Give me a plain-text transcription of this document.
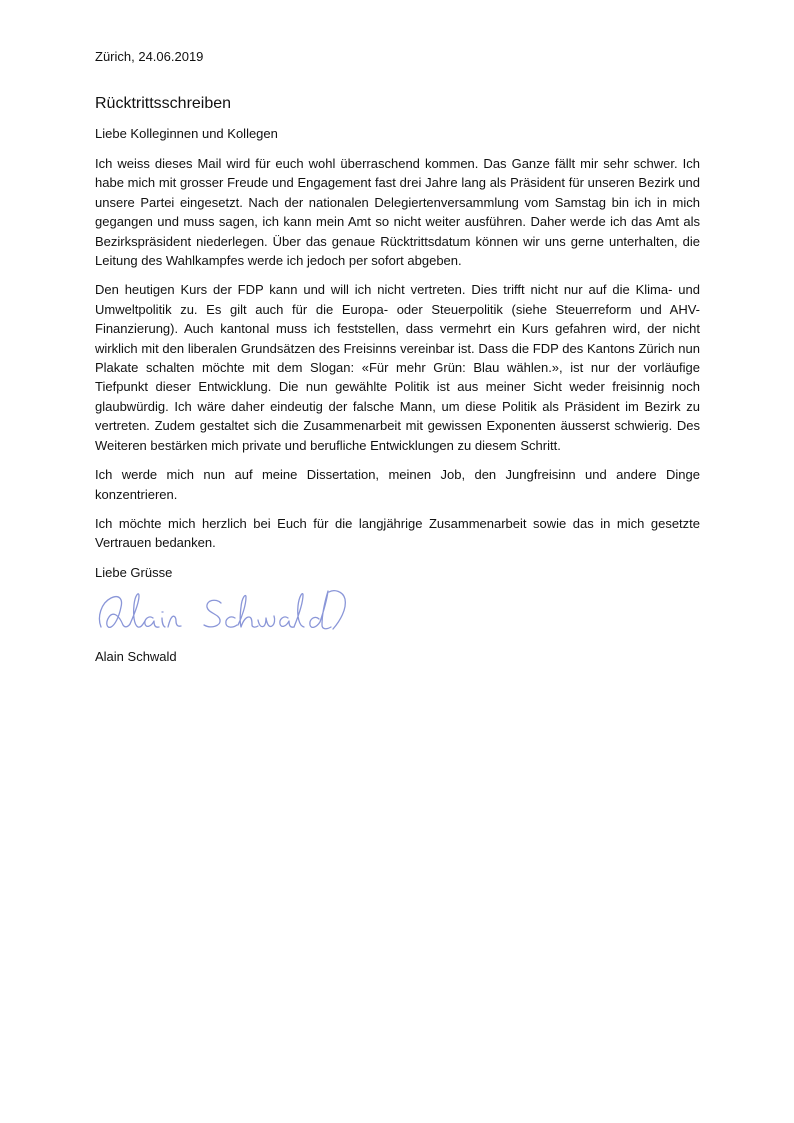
Zürich, 24.06.2019

Rücktrittsschreiben

Liebe Kolleginnen und Kollegen

Ich weiss dieses Mail wird für euch wohl überraschend kommen. Das Ganze fällt mir sehr schwer. Ich habe mich mit grosser Freude und Engagement fast drei Jahre lang als Präsident für unseren Bezirk und unsere Partei eingesetzt. Nach der nationalen Delegiertenversammlung vom Samstag bin ich in mich gegangen und muss sagen, ich kann mein Amt so nicht weiter ausführen. Daher werde ich das Amt als Bezirkspräsident niederlegen. Über das genaue Rücktrittsdatum können wir uns gerne unterhalten, die Leitung des Wahlkampfes werde ich jedoch per sofort abgeben.

Den heutigen Kurs der FDP kann und will ich nicht vertreten. Dies trifft nicht nur auf die Klima- und Umweltpolitik zu. Es gilt auch für die Europa- oder Steuerpolitik (siehe Steuerreform und AHV-Finanzierung). Auch kantonal muss ich feststellen, dass vermehrt ein Kurs gefahren wird, der nicht wirklich mit den liberalen Grundsätzen des Freisinns vereinbar ist. Dass die FDP des Kantons Zürich nun Plakate schalten möchte mit dem Slogan: «Für mehr Grün: Blau wählen.», ist nur der vorläufige Tiefpunkt dieser Entwicklung. Die nun gewählte Politik ist aus meiner Sicht weder freisinnig noch glaubwürdig. Ich wäre daher eindeutig der falsche Mann, um diese Politik als Präsident im Bezirk zu vertreten. Zudem gestaltet sich die Zusammenarbeit mit gewissen Exponenten äusserst schwierig. Des Weiteren bestärken mich private und berufliche Entwicklungen zu diesem Schritt.

Ich werde mich nun auf meine Dissertation, meinen Job, den Jungfreisinn und andere Dinge konzentrieren.

Ich möchte mich herzlich bei Euch für die langjährige Zusammenarbeit sowie das in mich gesetzte Vertrauen bedanken.

Liebe Grüsse

Alain Schwald
